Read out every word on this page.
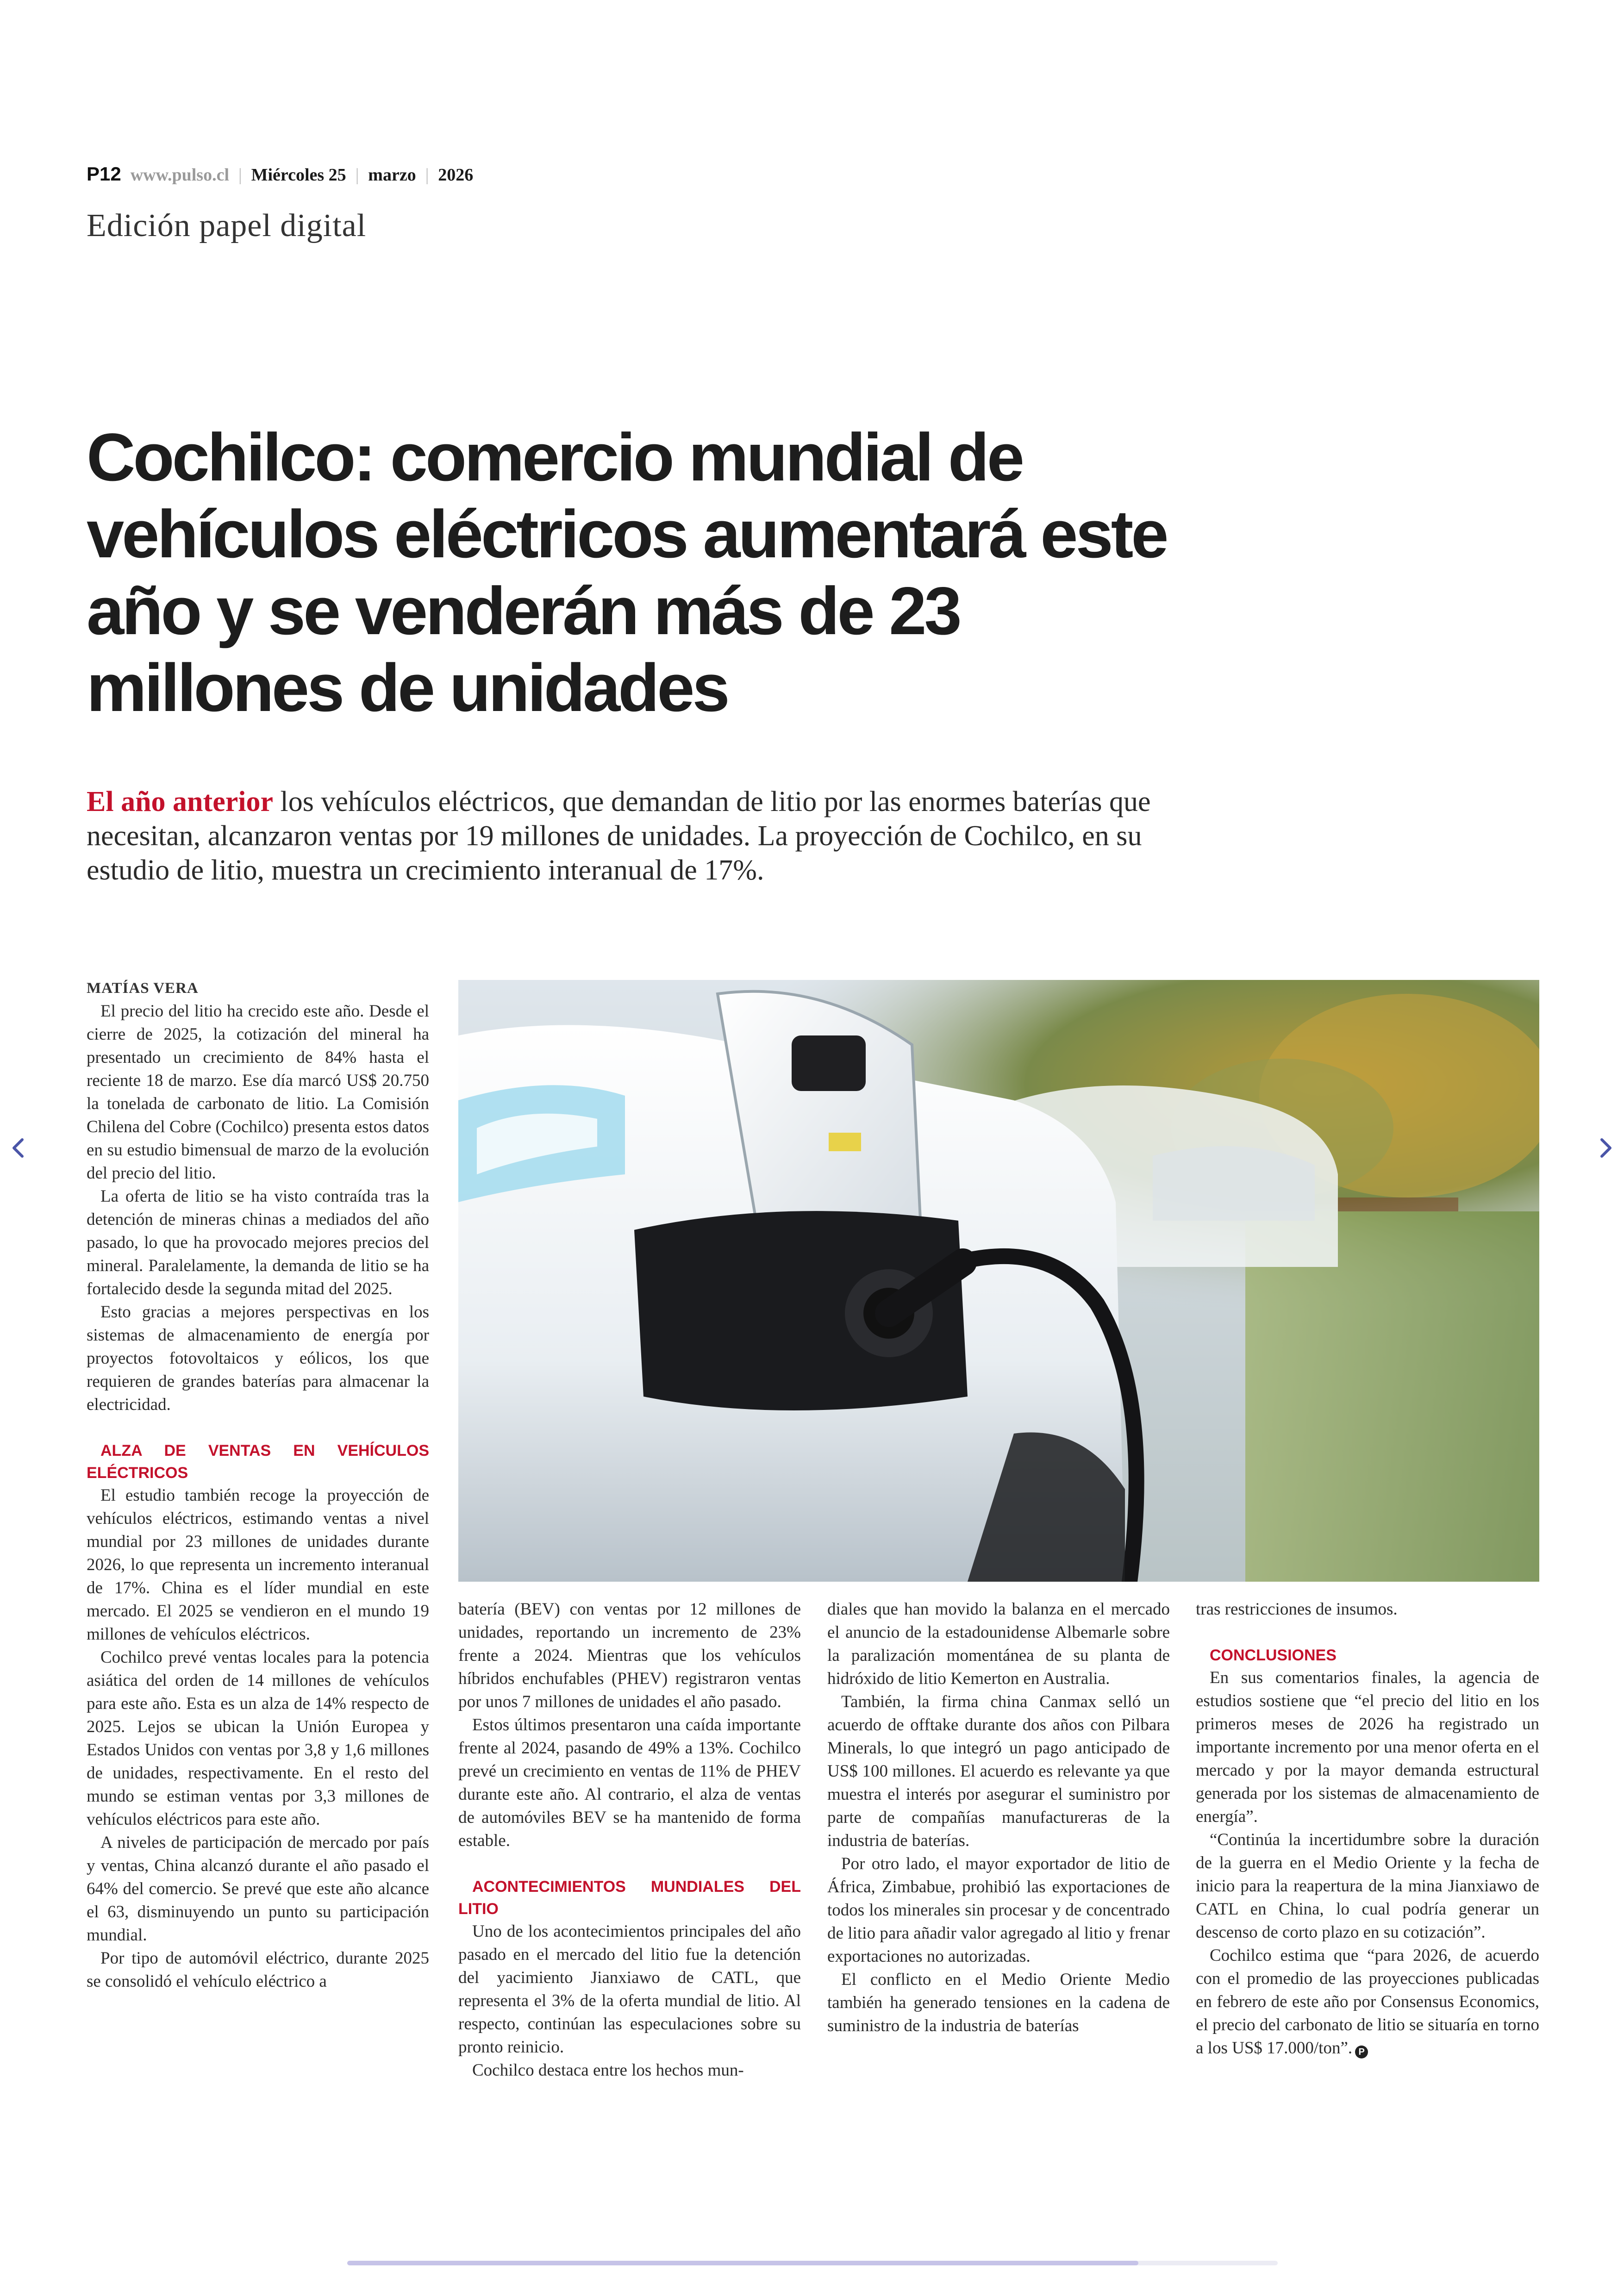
P12 www.pulso.cl | Miércoles 25 | marzo | 2026
Edición papel digital
Cochilco: comercio mundial de vehículos eléctricos aumentará este año y se venderán más de 23 millones de unidades

El año anterior los vehículos eléctricos, que demandan de litio por las enormes baterías que necesitan, alcanzaron ventas por 19 millones de unidades. La proyección de Cochilco, en su estudio de litio, muestra un crecimiento interanual de 17%.

MATÍAS VERA

El precio del litio ha crecido este año. Desde el cierre de 2025, la cotización del mineral ha presentado un crecimiento de 84% hasta el reciente 18 de marzo. Ese día marcó US$ 20.750 la tonelada de carbonato de litio. La Comisión Chilena del Cobre (Cochilco) presenta estos datos en su estudio bimensual de marzo de la evolución del precio del litio.

La oferta de litio se ha visto contraída tras la detención de mineras chinas a mediados del año pasado, lo que ha provocado mejores precios del mineral. Paralelamente, la demanda de litio se ha fortalecido desde la segunda mitad del 2025.

Esto gracias a mejores perspectivas en los sistemas de almacenamiento de energía por proyectos fotovoltaicos y eólicos, los que requieren de grandes baterías para almacenar la electricidad.

ALZA DE VENTAS EN VEHÍCULOS ELÉCTRICOS

El estudio también recoge la proyección de vehículos eléctricos, estimando ventas a nivel mundial por 23 millones de unidades durante 2026, lo que representa un incremento interanual de 17%. China es el líder mundial en este mercado. El 2025 se vendieron en el mundo 19 millones de vehículos eléctricos.

Cochilco prevé ventas locales para la potencia asiática del orden de 14 millones de vehículos para este año. Esta es un alza de 14% respecto de 2025. Lejos se ubican la Unión Europea y Estados Unidos con ventas por 3,8 y 1,6 millones de unidades, respectivamente. En el resto del mundo se estiman ventas por 3,3 millones de vehículos eléctricos para este año.

A niveles de participación de mercado por país y ventas, China alcanzó durante el año pasado el 64% del comercio. Se prevé que este año alcance el 63, disminuyendo un punto su participación mundial.

Por tipo de automóvil eléctrico, durante 2025 se consolidó el vehículo eléctrico a

batería (BEV) con ventas por 12 millones de unidades, reportando un incremento de 23% frente a 2024. Mientras que los vehículos híbridos enchufables (PHEV) registraron ventas por unos 7 millones de unidades el año pasado.

Estos últimos presentaron una caída importante frente al 2024, pasando de 49% a 13%. Cochilco prevé un crecimiento en ventas de 11% de PHEV durante este año. Al contrario, el alza de ventas de automóviles BEV se ha mantenido de forma estable.

ACONTECIMIENTOS MUNDIALES DEL LITIO

Uno de los acontecimientos principales del año pasado en el mercado del litio fue la detención del yacimiento Jianxiawo de CATL, que representa el 3% de la oferta mundial de litio. Al respecto, continúan las especulaciones sobre su pronto reinicio.

Cochilco destaca entre los hechos mun-

diales que han movido la balanza en el mercado el anuncio de la estadounidense Albemarle sobre la paralización momentánea de su planta de hidróxido de litio Kemerton en Australia.

También, la firma china Canmax selló un acuerdo de offtake durante dos años con Pilbara Minerals, lo que integró un pago anticipado de US$ 100 millones. El acuerdo es relevante ya que muestra el interés por asegurar el suministro por parte de compañías manufactureras de la industria de baterías.

Por otro lado, el mayor exportador de litio de África, Zimbabue, prohibió las exportaciones de todos los minerales sin procesar y de concentrado de litio para añadir valor agregado al litio y frenar exportaciones no autorizadas.

El conflicto en el Medio Oriente Medio también ha generado tensiones en la cadena de suministro de la industria de baterías

tras restricciones de insumos.

CONCLUSIONES

En sus comentarios finales, la agencia de estudios sostiene que “el precio del litio en los primeros meses de 2026 ha registrado un importante incremento por una menor oferta en el mercado y por la mayor demanda estructural generada por los sistemas de almacenamiento de energía”.

“Continúa la incertidumbre sobre la duración de la guerra en el Medio Oriente y la fecha de inicio para la reapertura de la mina Jianxiawo de CATL en China, lo cual podría generar un descenso de corto plazo en su cotización”.

Cochilco estima que “para 2026, de acuerdo con el promedio de las proyecciones publicadas en febrero de este año por Consensus Economics, el precio del carbonato de litio se situaría en torno a los US$ 17.000/ton”. P
